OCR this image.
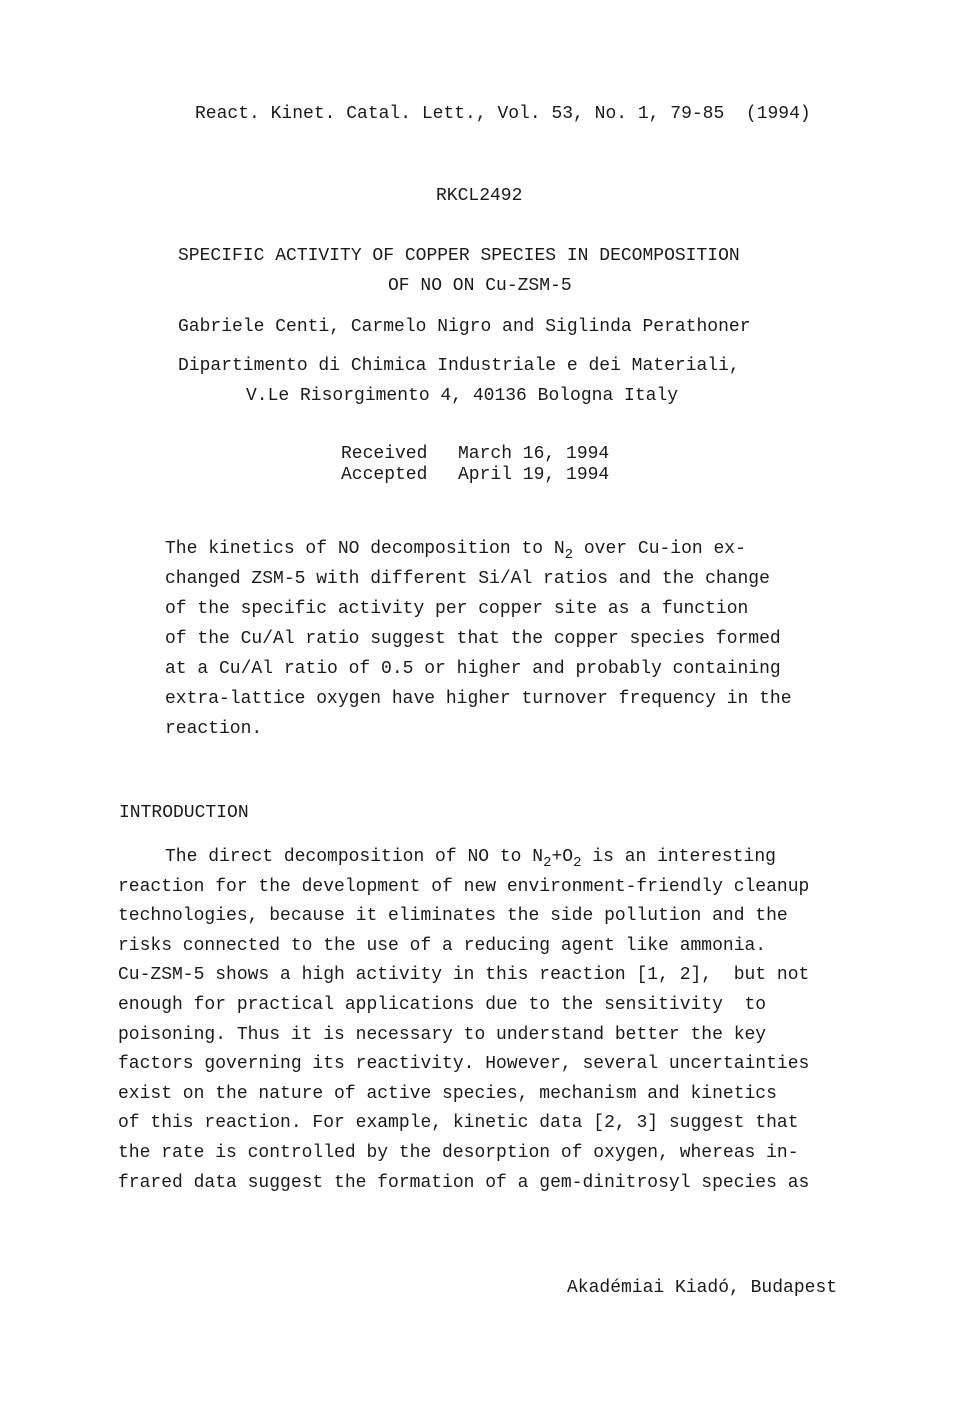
React. Kinet. Catal. Lett., Vol. 53, No. 1, 79-85  (1994)

RKCL2492

SPECIFIC ACTIVITY OF COPPER SPECIES IN DECOMPOSITION

OF NO ON Cu-ZSM-5

Gabriele Centi, Carmelo Nigro and Siglinda Perathoner

Dipartimento di Chimica Industriale e dei Materiali,

V.Le Risorgimento 4, 40136 Bologna Italy

Received	March 16, 1994
Accepted	April 19, 1994
The kinetics of NO decomposition to $N_2$ over Cu-ion ex-
changed ZSM-5 with different Si/Al ratios and the change
of the specific activity per copper site as a function
of the Cu/Al ratio suggest that the copper species formed
at a Cu/Al ratio of 0.5 or higher and probably containing
extra-lattice oxygen have higher turnover frequency in the
reaction.

INTRODUCTION

The direct decomposition of NO to $N_2+O_2$ is an interesting
reaction for the development of new environment-friendly cleanup
technologies, because it eliminates the side pollution and the
risks connected to the use of a reducing agent like ammonia.
Cu-ZSM-5 shows a high activity in this reaction [1, 2],  but not
enough for practical applications due to the sensitivity  to
poisoning. Thus it is necessary to understand better the key
factors governing its reactivity. However, several uncertainties
exist on the nature of active species, mechanism and kinetics
of this reaction. For example, kinetic data [2, 3] suggest that
the rate is controlled by the desorption of oxygen, whereas in-
frared data suggest the formation of a gem-dinitrosyl species as

Akadémiai Kiadó, Budapest
